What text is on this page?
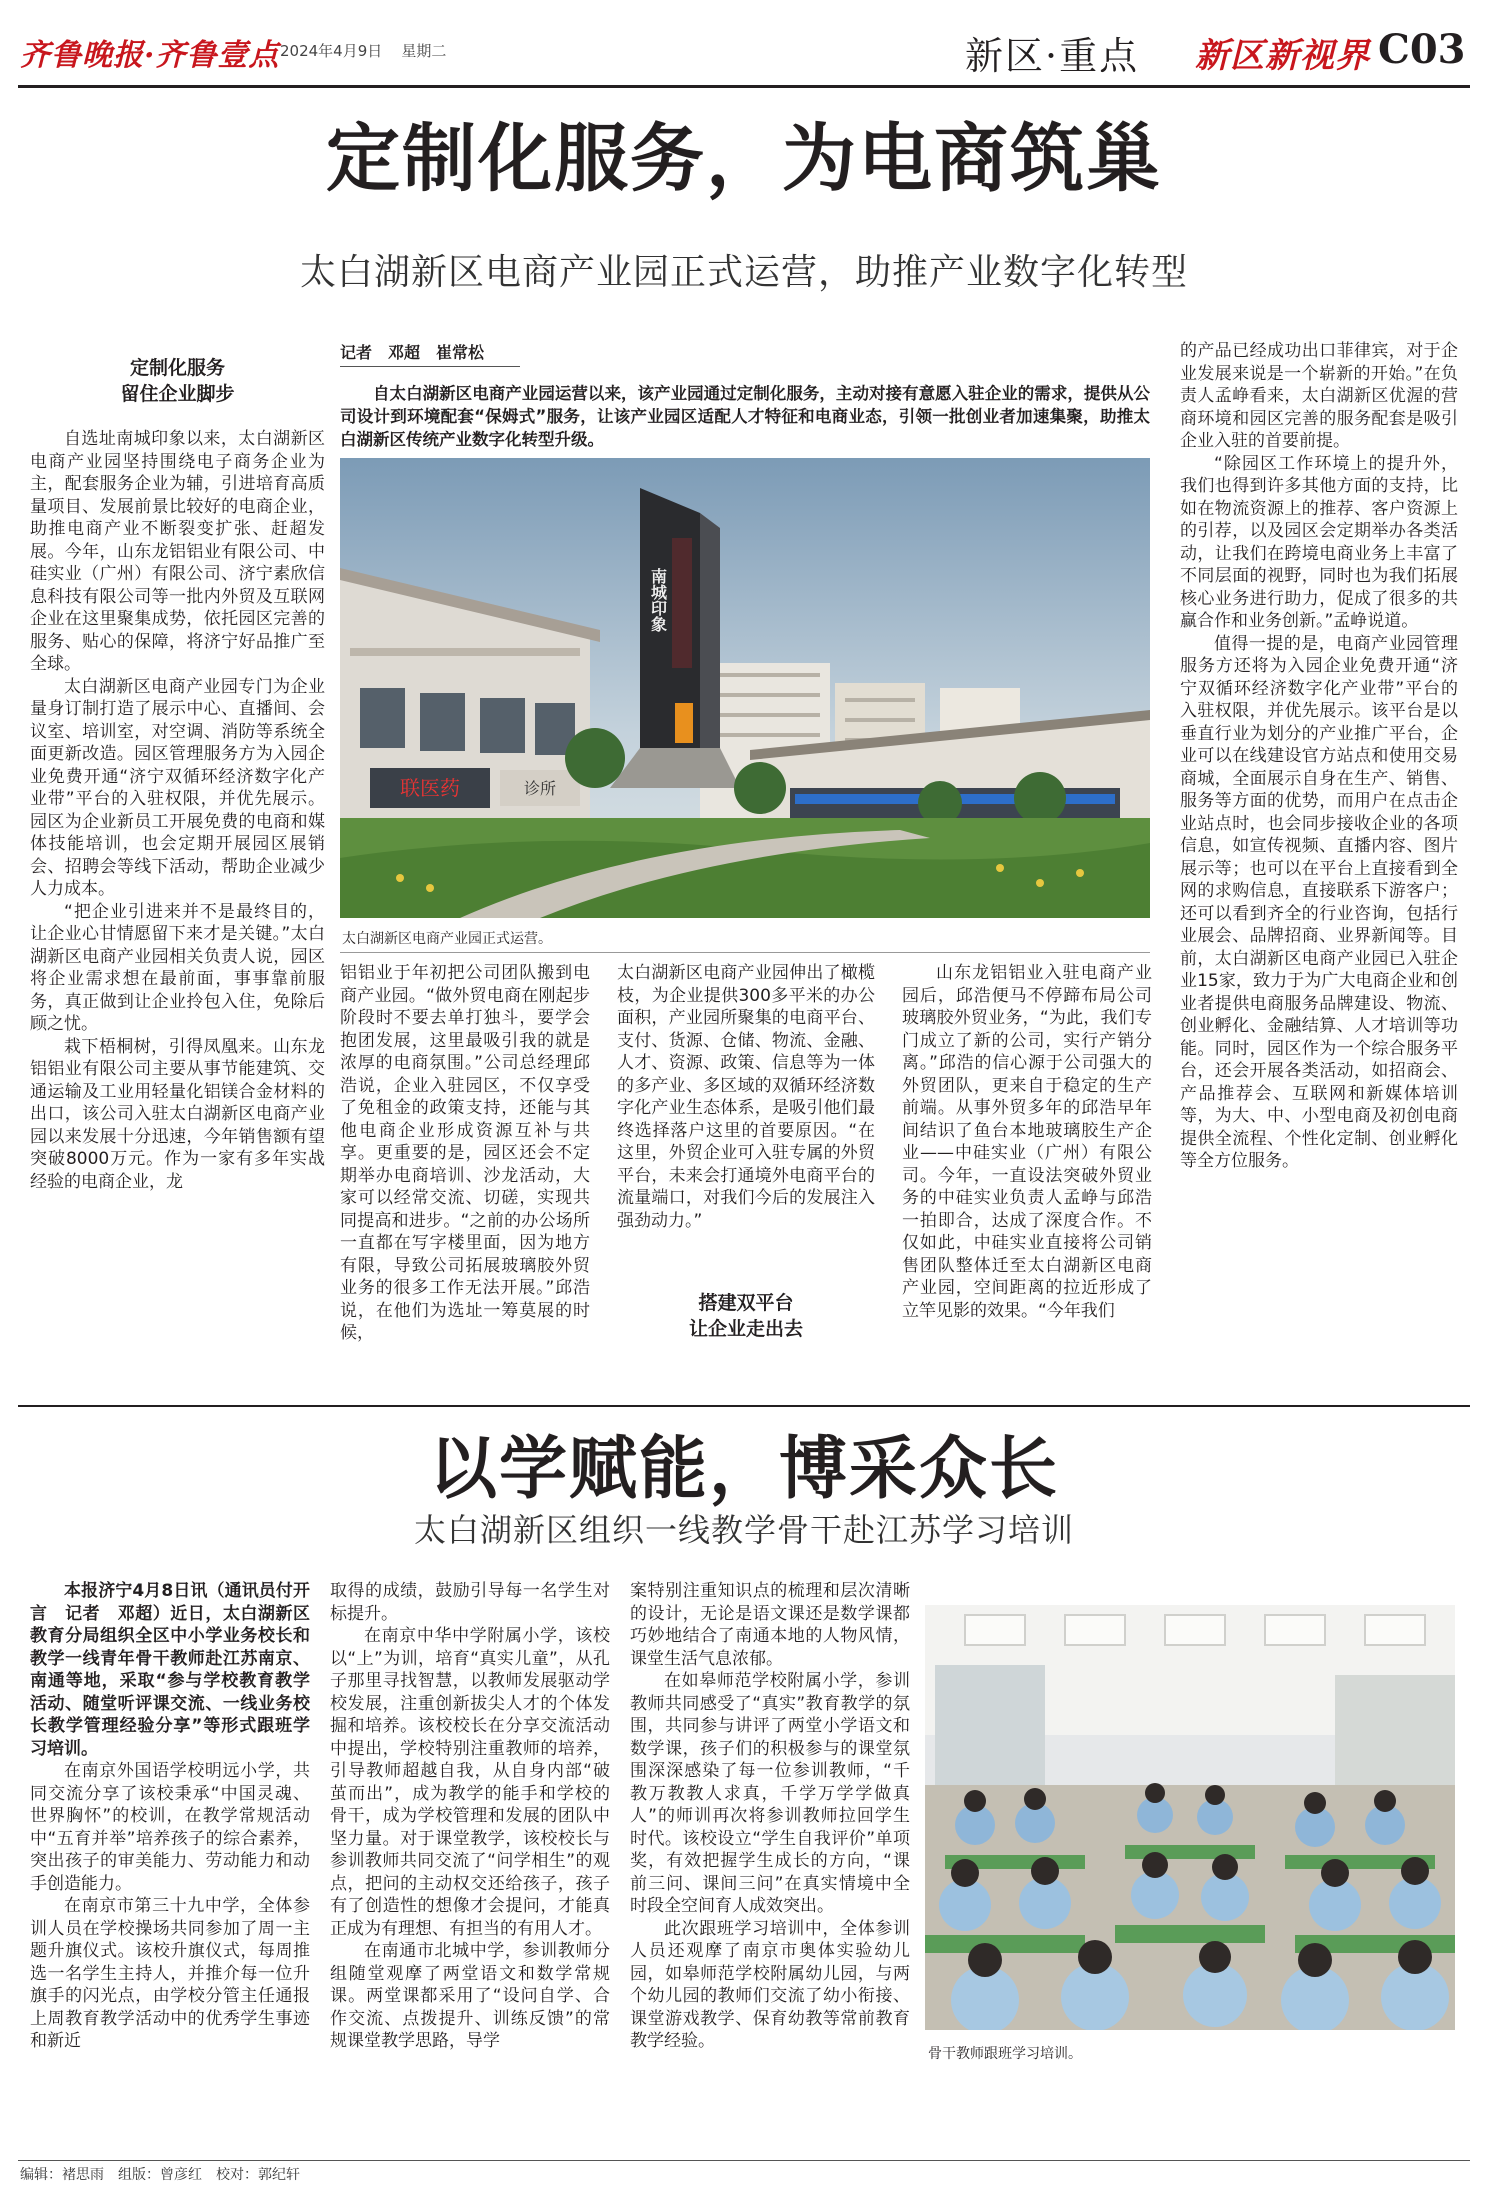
齐鲁晚报·齐鲁壹点 2024年4月9日 星期二	新区·重点 新区新视界 C03
定制化服务，为电商筑巢
太白湖新区电商产业园正式运营，助推产业数字化转型
定制化服务
留住企业脚步

自选址南城印象以来，太白湖新区电商产业园坚持围绕电子商务企业为主，配套服务企业为辅，引进培育高质量项目、发展前景比较好的电商企业，助推电商产业不断裂变扩张、赶超发展。今年，山东龙铝铝业有限公司、中硅实业（广州）有限公司、济宁素欣信息科技有限公司等一批内外贸及互联网企业在这里聚集成势，依托园区完善的服务、贴心的保障，将济宁好品推广至全球。

太白湖新区电商产业园专门为企业量身订制打造了展示中心、直播间、会议室、培训室，对空调、消防等系统全面更新改造。园区管理服务方为入园企业免费开通“济宁双循环经济数字化产业带”平台的入驻权限，并优先展示。园区为企业新员工开展免费的电商和媒体技能培训，也会定期开展园区展销会、招聘会等线下活动，帮助企业减少人力成本。

“把企业引进来并不是最终目的，让企业心甘情愿留下来才是关键。”太白湖新区电商产业园相关负责人说，园区将企业需求想在最前面，事事靠前服务，真正做到让企业拎包入住，免除后顾之忧。

栽下梧桐树，引得凤凰来。山东龙铝铝业有限公司主要从事节能建筑、交通运输及工业用轻量化铝镁合金材料的出口，该公司入驻太白湖新区电商产业园以来发展十分迅速，今年销售额有望突破8000万元。作为一家有多年实战经验的电商企业，龙

记者　邓超　崔常松

自太白湖新区电商产业园运营以来，该产业园通过定制化服务，主动对接有意愿入驻企业的需求，提供从公司设计到环境配套“保姆式”服务，让该产业园区适配人才特征和电商业态，引领一批创业者加速集聚，助推太白湖新区传统产业数字化转型升级。

联医药	诊所
南城印象
太白湖新区电商产业园正式运营。

铝铝业于年初把公司团队搬到电商产业园。“做外贸电商在刚起步阶段时不要去单打独斗，要学会抱团发展，这里最吸引我的就是浓厚的电商氛围。”公司总经理邱浩说，企业入驻园区，不仅享受了免租金的政策支持，还能与其他电商企业形成资源互补与共享。更重要的是，园区还会不定期举办电商培训、沙龙活动，大家可以经常交流、切磋，实现共同提高和进步。“之前的办公场所一直都在写字楼里面，因为地方有限，导致公司拓展玻璃胶外贸业务的很多工作无法开展。”邱浩说，在他们为选址一筹莫展的时候，

太白湖新区电商产业园伸出了橄榄枝，为企业提供300多平米的办公面积，产业园所聚集的电商平台、支付、货源、仓储、物流、金融、人才、资源、政策、信息等为一体的多产业、多区域的双循环经济数字化产业生态体系，是吸引他们最终选择落户这里的首要原因。“在这里，外贸企业可入驻专属的外贸平台，未来会打通境外电商平台的流量端口，对我们今后的发展注入强劲动力。”

搭建双平台
让企业走出去

山东龙铝铝业入驻电商产业园后，邱浩便马不停蹄布局公司玻璃胶外贸业务，“为此，我们专门成立了新的公司，实行产销分离。”邱浩的信心源于公司强大的外贸团队，更来自于稳定的生产前端。从事外贸多年的邱浩早年间结识了鱼台本地玻璃胶生产企业——中硅实业（广州）有限公司。今年，一直设法突破外贸业务的中硅实业负责人孟峥与邱浩一拍即合，达成了深度合作。不仅如此，中硅实业直接将公司销售团队整体迁至太白湖新区电商产业园，空间距离的拉近形成了立竿见影的效果。“今年我们

的产品已经成功出口菲律宾，对于企业发展来说是一个崭新的开始。”在负责人孟峥看来，太白湖新区优渥的营商环境和园区完善的服务配套是吸引企业入驻的首要前提。

“除园区工作环境上的提升外，我们也得到许多其他方面的支持，比如在物流资源上的推荐、客户资源上的引荐，以及园区会定期举办各类活动，让我们在跨境电商业务上丰富了不同层面的视野，同时也为我们拓展核心业务进行助力，促成了很多的共赢合作和业务创新。”孟峥说道。

值得一提的是，电商产业园管理服务方还将为入园企业免费开通“济宁双循环经济数字化产业带”平台的入驻权限，并优先展示。该平台是以垂直行业为划分的产业推广平台，企业可以在线建设官方站点和使用交易商城，全面展示自身在生产、销售、服务等方面的优势，而用户在点击企业站点时，也会同步接收企业的各项信息，如宣传视频、直播内容、图片展示等；也可以在平台上直接看到全网的求购信息，直接联系下游客户；还可以看到齐全的行业咨询，包括行业展会、品牌招商、业界新闻等。目前，太白湖新区电商产业园已入驻企业15家，致力于为广大电商企业和创业者提供电商服务品牌建设、物流、创业孵化、金融结算、人才培训等功能。同时，园区作为一个综合服务平台，还会开展各类活动，如招商会、产品推荐会、互联网和新媒体培训等，为大、中、小型电商及初创电商提供全流程、个性化定制、创业孵化等全方位服务。

以学赋能，博采众长
太白湖新区组织一线教学骨干赴江苏学习培训

本报济宁4月8日讯（通讯员付开言　记者　邓超）近日，太白湖新区教育分局组织全区中小学业务校长和教学一线青年骨干教师赴江苏南京、南通等地，采取“参与学校教育教学活动、随堂听评课交流、一线业务校长教学管理经验分享”等形式跟班学习培训。

在南京外国语学校明远小学，共同交流分享了该校秉承“中国灵魂、世界胸怀”的校训，在教学常规活动中“五育并举”培养孩子的综合素养，突出孩子的审美能力、劳动能力和动手创造能力。

在南京市第三十九中学，全体参训人员在学校操场共同参加了周一主题升旗仪式。该校升旗仪式，每周推选一名学生主持人，并推介每一位升旗手的闪光点，由学校分管主任通报上周教育教学活动中的优秀学生事迹和新近

取得的成绩，鼓励引导每一名学生对标提升。

在南京中华中学附属小学，该校以“上”为训，培育“真实儿童”，从孔子那里寻找智慧，以教师发展驱动学校发展，注重创新拔尖人才的个体发掘和培养。该校校长在分享交流活动中提出，学校特别注重教师的培养，引导教师超越自我，从自身内部“破茧而出”，成为教学的能手和学校的骨干，成为学校管理和发展的团队中坚力量。对于课堂教学，该校校长与参训教师共同交流了“问学相生”的观点，把问的主动权交还给孩子，孩子有了创造性的想像才会提问，才能真正成为有理想、有担当的有用人才。

在南通市北城中学，参训教师分组随堂观摩了两堂语文和数学常规课。两堂课都采用了“设问自学、合作交流、点拨提升、训练反馈”的常规课堂教学思路，导学

案特别注重知识点的梳理和层次清晰的设计，无论是语文课还是数学课都巧妙地结合了南通本地的人物风情，课堂生活气息浓郁。

在如皋师范学校附属小学，参训教师共同感受了“真实”教育教学的氛围，共同参与讲评了两堂小学语文和数学课，孩子们的积极参与的课堂氛围深深感染了每一位参训教师，“千教万教教人求真，千学万学学做真人”的师训再次将参训教师拉回学生时代。该校设立“学生自我评价”单项奖，有效把握学生成长的方向，“课前三问、课间三问”在真实情境中全时段全空间育人成效突出。

此次跟班学习培训中，全体参训人员还观摩了南京市奥体实验幼儿园，如皋师范学校附属幼儿园，与两个幼儿园的教师们交流了幼小衔接、课堂游戏教学、保育幼教等常前教育教学经验。

骨干教师跟班学习培训。
编辑：褚思雨　组版：曾彦红　校对：郭纪轩
